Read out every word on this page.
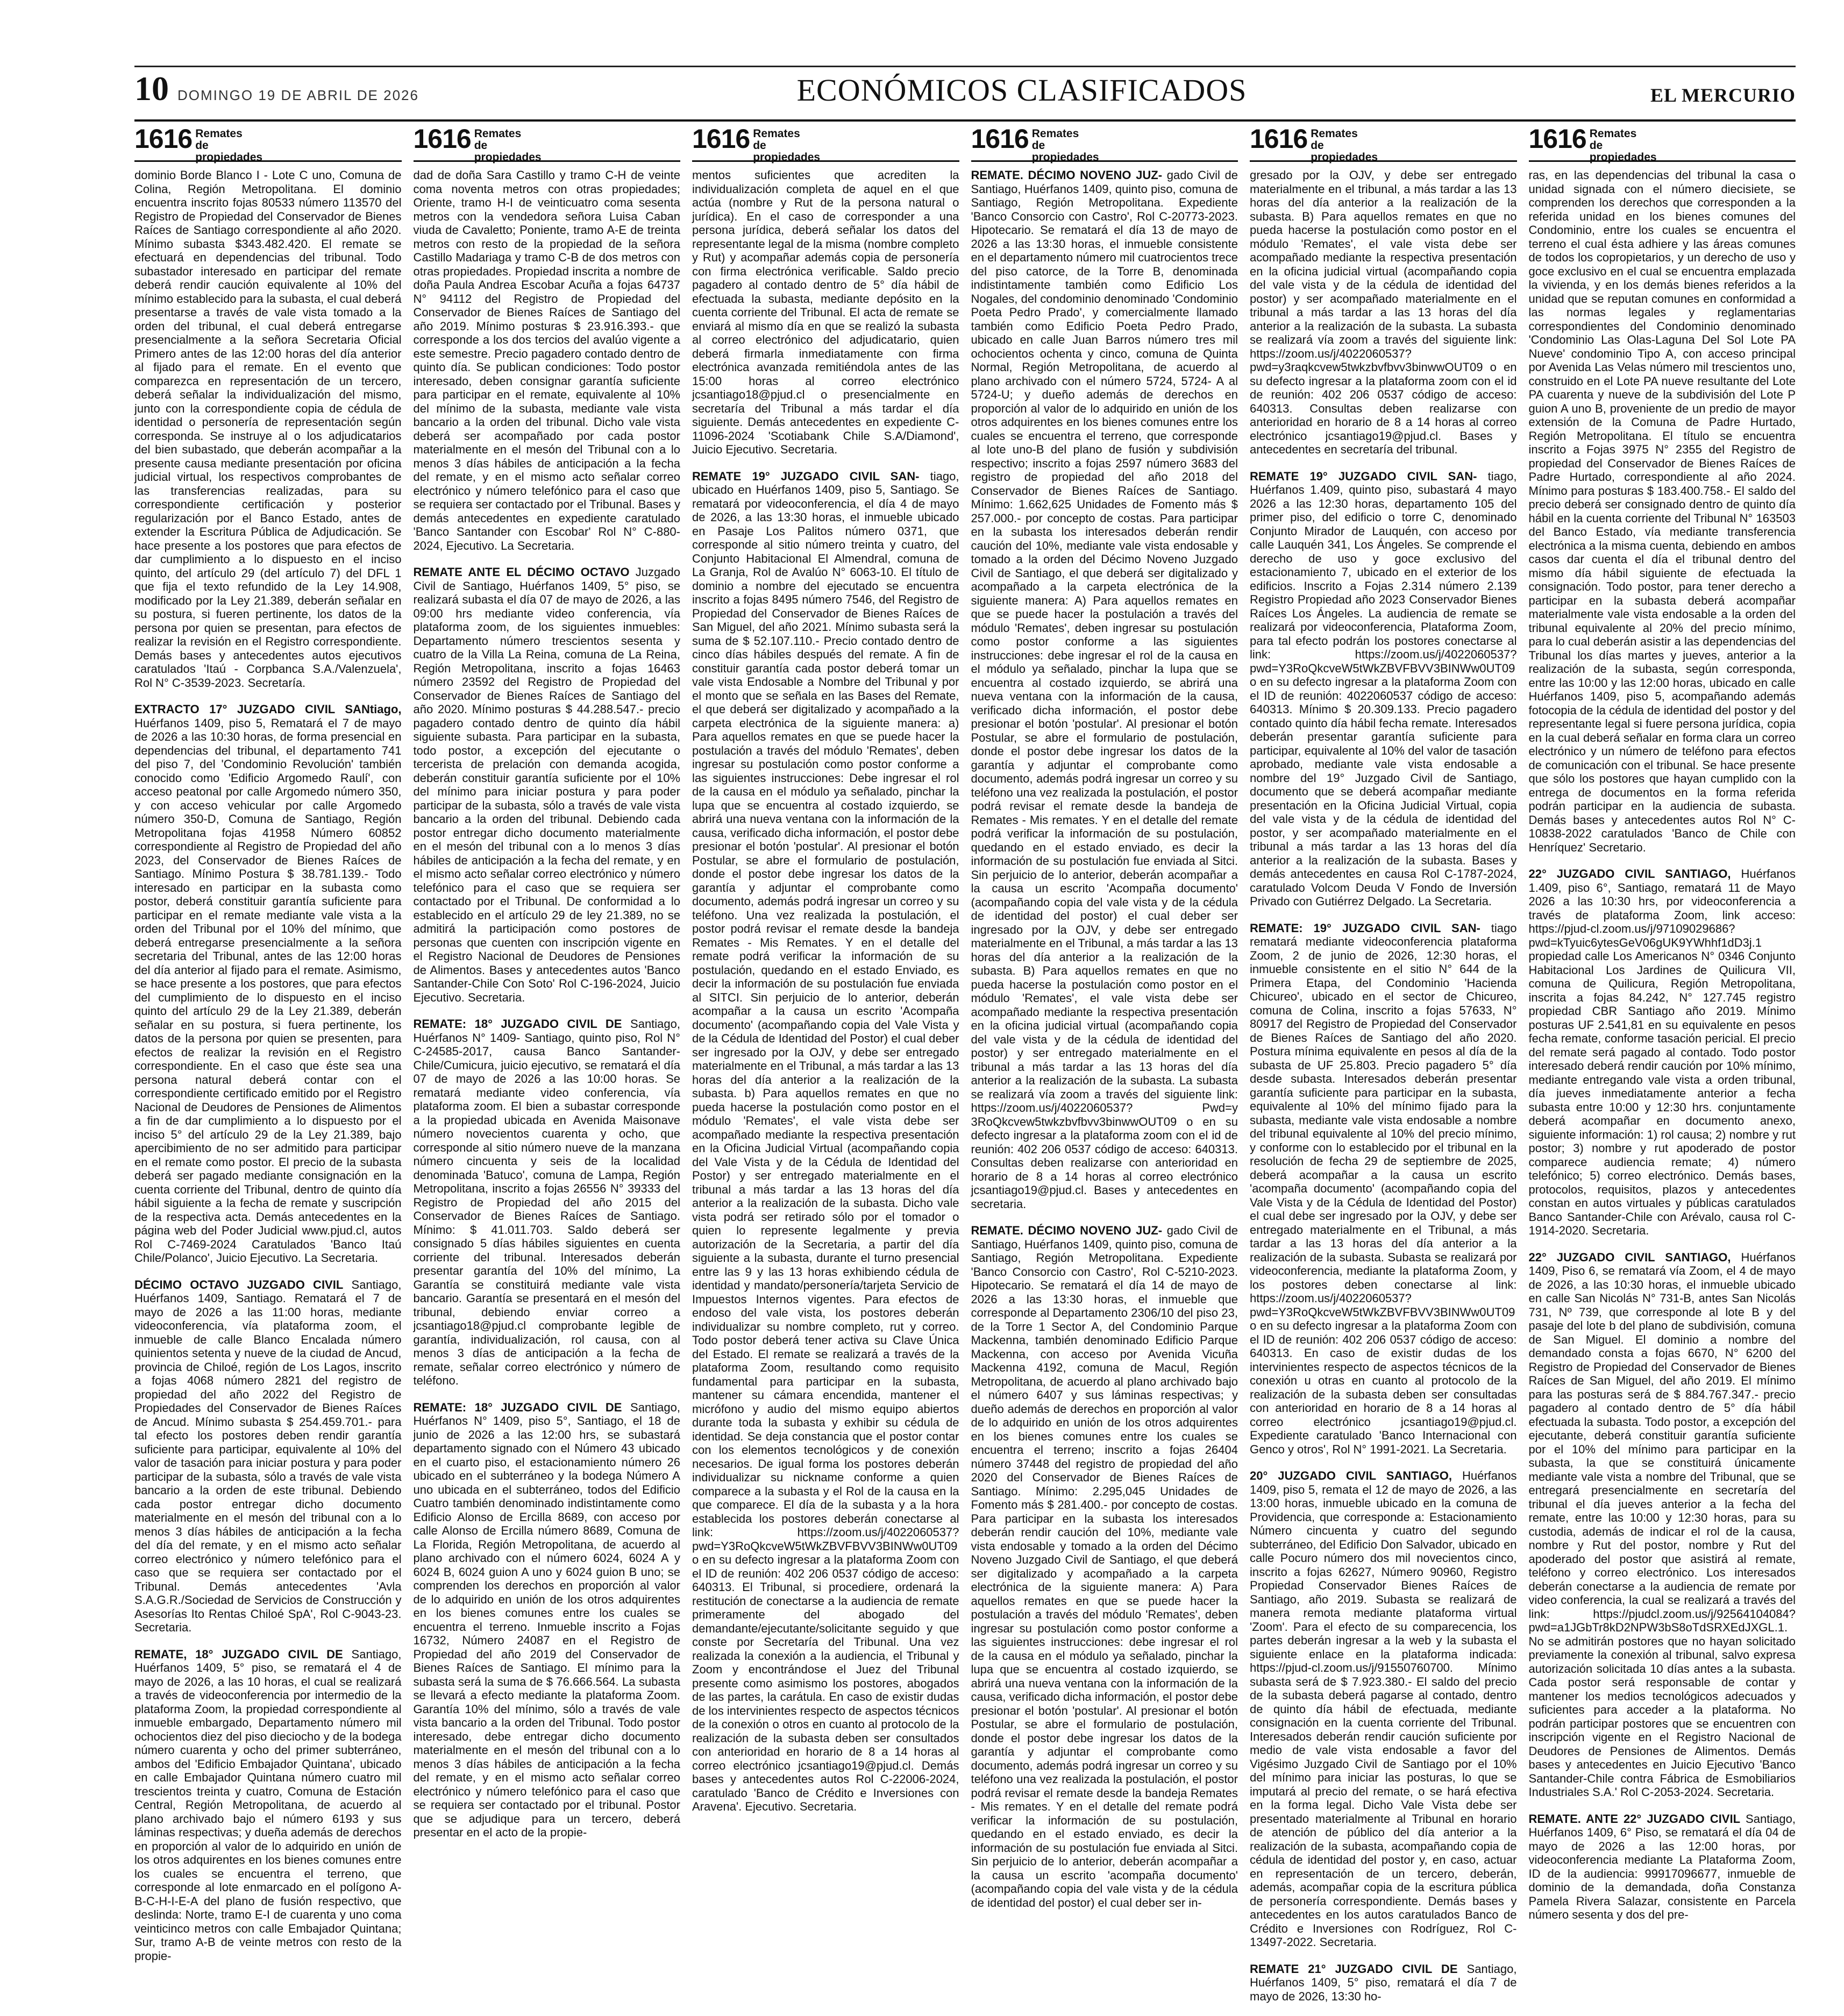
10 DOMINGO 19 DE ABRIL DE 2026	ECONÓMICOS CLASIFICADOS	EL MERCURIO
1616 Remates de propiedades

dominio Borde Blanco I - Lote C uno, Comuna de Colina, Región Metropolitana. El dominio encuentra inscrito fojas 80533 número 113570 del Registro de Propiedad del Conservador de Bienes Raíces de Santiago correspondiente al año 2020. Mínimo subasta $343.482.420. El remate se efectuará en dependencias del tribunal. Todo subastador interesado en participar del remate deberá rendir caución equivalente al 10% del mínimo establecido para la subasta, el cual deberá presentarse a través de vale vista tomado a la orden del tribunal, el cual deberá entregarse presencialmente a la señora Secretaria Oficial Primero antes de las 12:00 horas del día anterior al fijado para el remate. En el evento que comparezca en representación de un tercero, deberá señalar la individualización del mismo, junto con la correspondiente copia de cédula de identidad o personería de representación según corresponda. Se instruye al o los adjudicatarios del bien subastado, que deberán acompañar a la presente causa mediante presentación por oficina judicial virtual, los respectivos comprobantes de las transferencias realizadas, para su correspondiente certificación y posterior regularización por el Banco Estado, antes de extender la Escritura Pública de Adjudicación. Se hace presente a los postores que para efectos de dar cumplimiento a lo dispuesto en el inciso quinto, del artículo 29 (del artículo 7) del DFL 1 que fija el texto refundido de la Ley 14.908, modificado por la Ley 21.389, deberán señalar en su postura, si fueren pertinente, los datos de la persona por quien se presentan, para efectos de realizar la revisión en el Registro correspondiente. Demás bases y antecedentes autos ejecutivos caratulados 'Itaú - Corpbanca S.A./Valenzuela', Rol N° C-3539-2023. Secretaría.

EXTRACTO 17° JUZGADO CIVIL SANtiago, Huérfanos 1409, piso 5, Rematará el 7 de mayo de 2026 a las 10:30 horas, de forma presencial en dependencias del tribunal, el departamento 741 del piso 7, del 'Condominio Revolución' también conocido como 'Edificio Argomedo Raulí', con acceso peatonal por calle Argomedo número 350, y con acceso vehicular por calle Argomedo número 350-D, Comuna de Santiago, Región Metropolitana fojas 41958 Número 60852 correspondiente al Registro de Propiedad del año 2023, del Conservador de Bienes Raíces de Santiago. Mínimo Postura $ 38.781.139.- Todo interesado en participar en la subasta como postor, deberá constituir garantía suficiente para participar en el remate mediante vale vista a la orden del Tribunal por el 10% del mínimo, que deberá entregarse presencialmente a la señora secretaria del Tribunal, antes de las 12:00 horas del día anterior al fijado para el remate. Asimismo, se hace presente a los postores, que para efectos del cumplimiento de lo dispuesto en el inciso quinto del artículo 29 de la Ley 21.389, deberán señalar en su postura, si fuera pertinente, los datos de la persona por quien se presenten, para efectos de realizar la revisión en el Registro correspondiente. En el caso que éste sea una persona natural deberá contar con el correspondiente certificado emitido por el Registro Nacional de Deudores de Pensiones de Alimentos a fin de dar cumplimiento a lo dispuesto por el inciso 5° del artículo 29 de la Ley 21.389, bajo apercibimiento de no ser admitido para participar en el remate como postor. El precio de la subasta deberá ser pagado mediante consignación en la cuenta corriente del Tribunal, dentro de quinto día hábil siguiente a la fecha de remate y suscripción de la respectiva acta. Demás antecedentes en la página web del Poder Judicial www.pjud.cl, autos Rol C-7469-2024 Caratulados 'Banco Itaú Chile/Polanco', Juicio Ejecutivo. La Secretaria.

DÉCIMO OCTAVO JUZGADO CIVIL Santiago, Huérfanos 1409, Santiago. Rematará el 7 de mayo de 2026 a las 11:00 horas, mediante videoconferencia, vía plataforma zoom, el inmueble de calle Blanco Encalada número quinientos setenta y nueve de la ciudad de Ancud, provincia de Chiloé, región de Los Lagos, inscrito a fojas 4068 número 2821 del registro de propiedad del año 2022 del Registro de Propiedades del Conservador de Bienes Raíces de Ancud. Mínimo subasta $ 254.459.701.- para tal efecto los postores deben rendir garantía suficiente para participar, equivalente al 10% del valor de tasación para iniciar postura y para poder participar de la subasta, sólo a través de vale vista bancario a la orden de este tribunal. Debiendo cada postor entregar dicho documento materialmente en el mesón del tribunal con a lo menos 3 días hábiles de anticipación a la fecha del día del remate, y en el mismo acto señalar correo electrónico y número telefónico para el caso que se requiera ser contactado por el Tribunal. Demás antecedentes 'Avla S.A.G.R./Sociedad de Servicios de Construcción y Asesorías Ito Rentas Chiloé SpA', Rol C-9043-23. Secretaria.

REMATE, 18° JUZGADO CIVIL DE Santiago, Huérfanos 1409, 5° piso, se rematará el 4 de mayo de 2026, a las 10 horas, el cual se realizará a través de videoconferencia por intermedio de la plataforma Zoom, la propiedad correspondiente al inmueble embargado, Departamento número mil ochocientos diez del piso dieciocho y de la bodega número cuarenta y ocho del primer subterráneo, ambos del 'Edificio Embajador Quintana', ubicado en calle Embajador Quintana número cuatro mil trescientos treinta y cuatro, Comuna de Estación Central, Región Metropolitana, de acuerdo al plano archivado bajo el número 6193 y sus láminas respectivas; y dueña además de derechos en proporción al valor de lo adquirido en unión de los otros adquirentes en los bienes comunes entre los cuales se encuentra el terreno, que corresponde al lote enmarcado en el polígono A-B-C-H-I-E-A del plano de fusión respectivo, que deslinda: Norte, tramo E-I de cuarenta y uno coma veinticinco metros con calle Embajador Quintana; Sur, tramo A-B de veinte metros con resto de la propie-

1616 Remates de propiedades

dad de doña Sara Castillo y tramo C-H de veinte coma noventa metros con otras propiedades; Oriente, tramo H-I de veinticuatro coma sesenta metros con la vendedora señora Luisa Caban viuda de Cavaletto; Poniente, tramo A-E de treinta metros con resto de la propiedad de la señora Castillo Madariaga y tramo C-B de dos metros con otras propiedades. Propiedad inscrita a nombre de doña Paula Andrea Escobar Acuña a fojas 64737 N° 94112 del Registro de Propiedad del Conservador de Bienes Raíces de Santiago del año 2019. Mínimo posturas $ 23.916.393.- que corresponde a los dos tercios del avalúo vigente a este semestre. Precio pagadero contado dentro de quinto día. Se publican condiciones: Todo postor interesado, deben consignar garantía suficiente para participar en el remate, equivalente al 10% del mínimo de la subasta, mediante vale vista bancario a la orden del tribunal. Dicho vale vista deberá ser acompañado por cada postor materialmente en el mesón del Tribunal con a lo menos 3 días hábiles de anticipación a la fecha del remate, y en el mismo acto señalar correo electrónico y número telefónico para el caso que se requiera ser contactado por el Tribunal. Bases y demás antecedentes en expediente caratulado 'Banco Santander con Escobar' Rol N° C-880-2024, Ejecutivo. La Secretaria.

REMATE ANTE EL DÉCIMO OCTAVO Juzgado Civil de Santiago, Huérfanos 1409, 5° piso, se realizará subasta el día 07 de mayo de 2026, a las 09:00 hrs mediante video conferencia, vía plataforma zoom, de los siguientes inmuebles: Departamento número trescientos sesenta y cuatro de la Villa La Reina, comuna de La Reina, Región Metropolitana, inscrito a fojas 16463 número 23592 del Registro de Propiedad del Conservador de Bienes Raíces de Santiago del año 2020. Mínimo posturas $ 44.288.547.- precio pagadero contado dentro de quinto día hábil siguiente subasta. Para participar en la subasta, todo postor, a excepción del ejecutante o tercerista de prelación con demanda acogida, deberán constituir garantía suficiente por el 10% del mínimo para iniciar postura y para poder participar de la subasta, sólo a través de vale vista bancario a la orden del tribunal. Debiendo cada postor entregar dicho documento materialmente en el mesón del tribunal con a lo menos 3 días hábiles de anticipación a la fecha del remate, y en el mismo acto señalar correo electrónico y número telefónico para el caso que se requiera ser contactado por el Tribunal. De conformidad a lo establecido en el artículo 29 de ley 21.389, no se admitirá la participación como postores de personas que cuenten con inscripción vigente en el Registro Nacional de Deudores de Pensiones de Alimentos. Bases y antecedentes autos 'Banco Santander-Chile Con Soto' Rol C-196-2024, Juicio Ejecutivo. Secretaria.

REMATE: 18° JUZGADO CIVIL DE Santiago, Huérfanos N° 1409- Santiago, quinto piso, Rol N° C-24585-2017, causa Banco Santander-Chile/Cumicura, juicio ejecutivo, se rematará el día 07 de mayo de 2026 a las 10:00 horas. Se rematará mediante video conferencia, vía plataforma zoom. El bien a subastar corresponde a la propiedad ubicada en Avenida Maisonave número novecientos cuarenta y ocho, que corresponde al sitio número nueve de la manzana número cincuenta y seis de la localidad denominada 'Batuco', comuna de Lampa, Región Metropolitana, inscrito a fojas 26556 N° 39333 del Registro de Propiedad del año 2015 del Conservador de Bienes Raíces de Santiago. Mínimo: $ 41.011.703. Saldo deberá ser consignado 5 días hábiles siguientes en cuenta corriente del tribunal. Interesados deberán presentar garantía del 10% del mínimo, La Garantía se constituirá mediante vale vista bancario. Garantía se presentará en el mesón del tribunal, debiendo enviar correo a jcsantiago18@pjud.cl comprobante legible de garantía, individualización, rol causa, con al menos 3 días de anticipación a la fecha de remate, señalar correo electrónico y número de teléfono.

REMATE: 18° JUZGADO CIVIL DE Santiago, Huérfanos N° 1409, piso 5°, Santiago, el 18 de junio de 2026 a las 12:00 hrs, se subastará departamento signado con el Número 43 ubicado en el cuarto piso, el estacionamiento número 26 ubicado en el subterráneo y la bodega Número A uno ubicada en el subterráneo, todos del Edificio Cuatro también denominado indistintamente como Edificio Alonso de Ercilla 8689, con acceso por calle Alonso de Ercilla número 8689, Comuna de La Florida, Región Metropolitana, de acuerdo al plano archivado con el número 6024, 6024 A y 6024 B, 6024 guion A uno y 6024 guion B uno; se comprenden los derechos en proporción al valor de lo adquirido en unión de los otros adquirentes en los bienes comunes entre los cuales se encuentra el terreno. Inmueble inscrito a Fojas 16732, Número 24087 en el Registro de Propiedad del año 2019 del Conservador de Bienes Raíces de Santiago. El mínimo para la subasta será la suma de $ 76.666.564. La subasta se llevará a efecto mediante la plataforma Zoom. Garantía 10% del mínimo, sólo a través de vale vista bancario a la orden del Tribunal. Todo postor interesado, debe entregar dicho documento materialmente en el mesón del tribunal con a lo menos 3 días hábiles de anticipación a la fecha del remate, y en el mismo acto señalar correo electrónico y número telefónico para el caso que se requiera ser contactado por el tribunal. Postor que se adjudique para un tercero, deberá presentar en el acto de la propie-

1616 Remates de propiedades

mentos suficientes que acrediten la individualización completa de aquel en el que actúa (nombre y Rut de la persona natural o jurídica). En el caso de corresponder a una persona jurídica, deberá señalar los datos del representante legal de la misma (nombre completo y Rut) y acompañar además copia de personería con firma electrónica verificable. Saldo precio pagadero al contado dentro de 5° día hábil de efectuada la subasta, mediante depósito en la cuenta corriente del Tribunal. El acta de remate se enviará al mismo día en que se realizó la subasta al correo electrónico del adjudicatario, quien deberá firmarla inmediatamente con firma electrónica avanzada remitiéndola antes de las 15:00 horas al correo electrónico jcsantiago18@pjud.cl o presencialmente en secretaría del Tribunal a más tardar el día siguiente. Demás antecedentes en expediente C-11096-2024 'Scotiabank Chile S.A/Diamond', Juicio Ejecutivo. Secretaria.

REMATE 19° JUZGADO CIVIL SAN- tiago, ubicado en Huérfanos 1409, piso 5, Santiago. Se rematará por videoconferencia, el día 4 de mayo de 2026, a las 13:30 horas, el inmueble ubicado en Pasaje Los Palitos número 0371, que corresponde al sitio número treinta y cuatro, del Conjunto Habitacional El Almendral, comuna de La Granja, Rol de Avalúo N° 6063-10. El título de dominio a nombre del ejecutado se encuentra inscrito a fojas 8495 número 7546, del Registro de Propiedad del Conservador de Bienes Raíces de San Miguel, del año 2021. Mínimo subasta será la suma de $ 52.107.110.- Precio contado dentro de cinco días hábiles después del remate. A fin de constituir garantía cada postor deberá tomar un vale vista Endosable a Nombre del Tribunal y por el monto que se señala en las Bases del Remate, el que deberá ser digitalizado y acompañado a la carpeta electrónica de la siguiente manera: a) Para aquellos remates en que se puede hacer la postulación a través del módulo 'Remates', deben ingresar su postulación como postor conforme a las siguientes instrucciones: Debe ingresar el rol de la causa en el módulo ya señalado, pinchar la lupa que se encuentra al costado izquierdo, se abrirá una nueva ventana con la información de la causa, verificado dicha información, el postor debe presionar el botón 'postular'. Al presionar el botón Postular, se abre el formulario de postulación, donde el postor debe ingresar los datos de la garantía y adjuntar el comprobante como documento, además podrá ingresar un correo y su teléfono. Una vez realizada la postulación, el postor podrá revisar el remate desde la bandeja Remates - Mis Remates. Y en el detalle del remate podrá verificar la información de su postulación, quedando en el estado Enviado, es decir la información de su postulación fue enviada al SITCI. Sin perjuicio de lo anterior, deberán acompañar a la causa un escrito 'Acompaña documento' (acompañando copia del Vale Vista y de la Cédula de Identidad del Postor) el cual deber ser ingresado por la OJV, y debe ser entregado materialmente en el Tribunal, a más tardar a las 13 horas del día anterior a la realización de la subasta. b) Para aquellos remates en que no pueda hacerse la postulación como postor en el módulo 'Remates', el vale vista debe ser acompañado mediante la respectiva presentación en la Oficina Judicial Virtual (acompañando copia del Vale Vista y de la Cédula de Identidad del Postor) y ser entregado materialmente en el tribunal a más tardar a las 13 horas del día anterior a la realización de la subasta. Dicho vale vista podrá ser retirado sólo por el tomador o quien lo represente legalmente y previa autorización de la Secretaria, a partir del día siguiente a la subasta, durante el turno presencial entre las 9 y las 13 horas exhibiendo cédula de identidad y mandato/personería/tarjeta Servicio de Impuestos Internos vigentes. Para efectos de endoso del vale vista, los postores deberán individualizar su nombre completo, rut y correo. Todo postor deberá tener activa su Clave Única del Estado. El remate se realizará a través de la plataforma Zoom, resultando como requisito fundamental para participar en la subasta, mantener su cámara encendida, mantener el micrófono y audio del mismo equipo abiertos durante toda la subasta y exhibir su cédula de identidad. Se deja constancia que el postor contar con los elementos tecnológicos y de conexión necesarios. De igual forma los postores deberán individualizar su nickname conforme a quien comparece a la subasta y el Rol de la causa en la que comparece. El día de la subasta y a la hora establecida los postores deberán conectarse al link: https://zoom.us/j/4022060537?pwd=Y3RoQkcveW5tWkZBVFBVV3BINWw0UT09 o en su defecto ingresar a la plataforma Zoom con el ID de reunión: 402 206 0537 código de acceso: 640313. El Tribunal, si procediere, ordenará la restitución de conectarse a la audiencia de remate primeramente del abogado del demandante/ejecutante/solicitante seguido y que conste por Secretaría del Tribunal. Una vez realizada la conexión a la audiencia, el Tribunal y Zoom y encontrándose el Juez del Tribunal presente como asimismo los postores, abogados de las partes, la carátula. En caso de existir dudas de los intervinientes respecto de aspectos técnicos de la conexión o otros en cuanto al protocolo de la realización de la subasta deben ser consultados con anterioridad en horario de 8 a 14 horas al correo electrónico jcsantiago19@pjud.cl. Demás bases y antecedentes autos Rol C-22006-2024, caratulado 'Banco de Crédito e Inversiones con Aravena'. Ejecutivo. Secretaria.

1616 Remates de propiedades

REMATE. DÉCIMO NOVENO JUZ- gado Civil de Santiago, Huérfanos 1409, quinto piso, comuna de Santiago, Región Metropolitana. Expediente 'Banco Consorcio con Castro', Rol C-20773-2023. Hipotecario. Se rematará el día 13 de mayo de 2026 a las 13:30 horas, el inmueble consistente en el departamento número mil cuatrocientos trece del piso catorce, de la Torre B, denominada indistintamente también como Edificio Los Nogales, del condominio denominado 'Condominio Poeta Pedro Prado', y comercialmente llamado también como Edificio Poeta Pedro Prado, ubicado en calle Juan Barros número tres mil ochocientos ochenta y cinco, comuna de Quinta Normal, Región Metropolitana, de acuerdo al plano archivado con el número 5724, 5724- A al 5724-U; y dueño además de derechos en proporción al valor de lo adquirido en unión de los otros adquirentes en los bienes comunes entre los cuales se encuentra el terreno, que corresponde al lote uno-B del plano de fusión y subdivisión respectivo; inscrito a fojas 2597 número 3683 del registro de propiedad del año 2018 del Conservador de Bienes Raíces de Santiago. Mínimo: 1.662,625 Unidades de Fomento más $ 257.000.- por concepto de costas. Para participar en la subasta los interesados deberán rendir caución del 10%, mediante vale vista endosable y tomado a la orden del Décimo Noveno Juzgado Civil de Santiago, el que deberá ser digitalizado y acompañado a la carpeta electrónica de la siguiente manera: A) Para aquellos remates en que se puede hacer la postulación a través del módulo 'Remates', deben ingresar su postulación como postor conforme a las siguientes instrucciones: debe ingresar el rol de la causa en el módulo ya señalado, pinchar la lupa que se encuentra al costado izquierdo, se abrirá una nueva ventana con la información de la causa, verificado dicha información, el postor debe presionar el botón 'postular'. Al presionar el botón Postular, se abre el formulario de postulación, donde el postor debe ingresar los datos de la garantía y adjuntar el comprobante como documento, además podrá ingresar un correo y su teléfono una vez realizada la postulación, el postor podrá revisar el remate desde la bandeja de Remates - Mis remates. Y en el detalle del remate podrá verificar la información de su postulación, quedando en el estado enviado, es decir la información de su postulación fue enviada al Sitci. Sin perjuicio de lo anterior, deberán acompañar a la causa un escrito 'Acompaña documento' (acompañando copia del vale vista y de la cédula de identidad del postor) el cual deber ser ingresado por la OJV, y debe ser entregado materialmente en el Tribunal, a más tardar a las 13 horas del día anterior a la realización de la subasta. B) Para aquellos remates en que no pueda hacerse la postulación como postor en el módulo 'Remates', el vale vista debe ser acompañado mediante la respectiva presentación en la oficina judicial virtual (acompañando copia del vale vista y de la cédula de identidad del postor) y ser entregado materialmente en el tribunal a más tardar a las 13 horas del día anterior a la realización de la subasta. La subasta se realizará vía zoom a través del siguiente link: https://zoom.us/j/4022060537? Pwd=y 3RoQkcvew5twkzbvfbvv3binwwOUT09 o en su defecto ingresar a la plataforma zoom con el id de reunión: 402 206 0537 código de acceso: 640313. Consultas deben realizarse con anterioridad en horario de 8 a 14 horas al correo electrónico jcsantiago19@pjud.cl. Bases y antecedentes en secretaria.

REMATE. DÉCIMO NOVENO JUZ- gado Civil de Santiago, Huérfanos 1409, quinto piso, comuna de Santiago, Región Metropolitana. Expediente 'Banco Consorcio con Castro', Rol C-5210-2023. Hipotecario. Se rematará el día 14 de mayo de 2026 a las 13:30 horas, el inmueble que corresponde al Departamento 2306/10 del piso 23, de la Torre 1 Sector A, del Condominio Parque Mackenna, también denominado Edificio Parque Mackenna, con acceso por Avenida Vicuña Mackenna 4192, comuna de Macul, Región Metropolitana, de acuerdo al plano archivado bajo el número 6407 y sus láminas respectivas; y dueño además de derechos en proporción al valor de lo adquirido en unión de los otros adquirentes en los bienes comunes entre los cuales se encuentra el terreno; inscrito a fojas 26404 número 37448 del registro de propiedad del año 2020 del Conservador de Bienes Raíces de Santiago. Mínimo: 2.295,045 Unidades de Fomento más $ 281.400.- por concepto de costas. Para participar en la subasta los interesados deberán rendir caución del 10%, mediante vale vista endosable y tomado a la orden del Décimo Noveno Juzgado Civil de Santiago, el que deberá ser digitalizado y acompañado a la carpeta electrónica de la siguiente manera: A) Para aquellos remates en que se puede hacer la postulación a través del módulo 'Remates', deben ingresar su postulación como postor conforme a las siguientes instrucciones: debe ingresar el rol de la causa en el módulo ya señalado, pinchar la lupa que se encuentra al costado izquierdo, se abrirá una nueva ventana con la información de la causa, verificado dicha información, el postor debe presionar el botón 'postular'. Al presionar el botón Postular, se abre el formulario de postulación, donde el postor debe ingresar los datos de la garantía y adjuntar el comprobante como documento, además podrá ingresar un correo y su teléfono una vez realizada la postulación, el postor podrá revisar el remate desde la bandeja Remates - Mis remates. Y en el detalle del remate podrá verificar la información de su postulación, quedando en el estado enviado, es decir la información de su postulación fue enviada al Sitci. Sin perjuicio de lo anterior, deberán acompañar a la causa un escrito 'acompaña documento' (acompañando copia del vale vista y de la cédula de identidad del postor) el cual deber ser in-

1616 Remates de propiedades

gresado por la OJV, y debe ser entregado materialmente en el tribunal, a más tardar a las 13 horas del día anterior a la realización de la subasta. B) Para aquellos remates en que no pueda hacerse la postulación como postor en el módulo 'Remates', el vale vista debe ser acompañado mediante la respectiva presentación en la oficina judicial virtual (acompañando copia del vale vista y de la cédula de identidad del postor) y ser acompañado materialmente en el tribunal a más tardar a las 13 horas del día anterior a la realización de la subasta. La subasta se realizará vía zoom a través del siguiente link: https://zoom.us/j/4022060537? pwd=y3raqkcvew5twkzbvfbvv3binwwOUT09 o en su defecto ingresar a la plataforma zoom con el id de reunión: 402 206 0537 código de acceso: 640313. Consultas deben realizarse con anterioridad en horario de 8 a 14 horas al correo electrónico jcsantiago19@pjud.cl. Bases y antecedentes en secretaría del tribunal.

REMATE 19° JUZGADO CIVIL SAN- tiago, Huérfanos 1.409, quinto piso, subastará 4 mayo 2026 a las 12:30 horas, departamento 105 del primer piso, del edificio o torre C, denominado Conjunto Mirador de Lauquén, con acceso por calle Lauquén 341, Los Ángeles. Se comprende el derecho de uso y goce exclusivo del estacionamiento 7, ubicado en el exterior de los edificios. Inscrito a Fojas 2.314 número 2.139 Registro Propiedad año 2023 Conservador Bienes Raíces Los Ángeles. La audiencia de remate se realizará por videoconferencia, Plataforma Zoom, para tal efecto podrán los postores conectarse al link: https://zoom.us/j/4022060537?pwd=Y3RoQkcveW5tWkZBVFBVV3BINWw0UT09 o en su defecto ingresar a la plataforma Zoom con el ID de reunión: 4022060537 código de acceso: 640313. Mínimo $ 20.309.133. Precio pagadero contado quinto día hábil fecha remate. Interesados deberán presentar garantía suficiente para participar, equivalente al 10% del valor de tasación aprobado, mediante vale vista endosable a nombre del 19° Juzgado Civil de Santiago, documento que se deberá acompañar mediante presentación en la Oficina Judicial Virtual, copia del vale vista y de la cédula de identidad del postor, y ser acompañado materialmente en el tribunal a más tardar a las 13 horas del día anterior a la realización de la subasta. Bases y demás antecedentes en causa Rol C-1787-2024, caratulado Volcom Deuda V Fondo de Inversión Privado con Gutiérrez Delgado. La Secretaria.

REMATE: 19° JUZGADO CIVIL SAN- tiago rematará mediante videoconferencia plataforma Zoom, 2 de junio de 2026, 12:30 horas, el inmueble consistente en el sitio N° 644 de la Primera Etapa, del Condominio 'Hacienda Chicureo', ubicado en el sector de Chicureo, comuna de Colina, inscrito a fojas 57633, N° 80917 del Registro de Propiedad del Conservador de Bienes Raíces de Santiago del año 2020. Postura mínima equivalente en pesos al día de la subasta de UF 25.803. Precio pagadero 5° día desde subasta. Interesados deberán presentar garantía suficiente para participar en la subasta, equivalente al 10% del mínimo fijado para la subasta, mediante vale vista endosable a nombre del tribunal equivalente al 10% del precio mínimo, y conforme con lo establecido por el tribunal en la resolución de fecha 29 de septiembre de 2025, deberá acompañar a la causa un escrito 'acompaña documento' (acompañando copia del Vale Vista y de la Cédula de Identidad del Postor) el cual debe ser ingresado por la OJV, y debe ser entregado materialmente en el Tribunal, a más tardar a las 13 horas del día anterior a la realización de la subasta. Subasta se realizará por videoconferencia, mediante la plataforma Zoom, y los postores deben conectarse al link: https://zoom.us/j/4022060537?pwd=Y3RoQkcveW5tWkZBVFBVV3BINWw0UT09 o en su defecto ingresar a la plataforma Zoom con el ID de reunión: 402 206 0537 código de acceso: 640313. En caso de existir dudas de los intervinientes respecto de aspectos técnicos de la conexión u otras en cuanto al protocolo de la realización de la subasta deben ser consultadas con anterioridad en horario de 8 a 14 horas al correo electrónico jcsantiago19@pjud.cl. Expediente caratulado 'Banco Internacional con Genco y otros', Rol N° 1991-2021. La Secretaria.

20° JUZGADO CIVIL SANTIAGO, Huérfanos 1409, piso 5, remata el 12 de mayo de 2026, a las 13:00 horas, inmueble ubicado en la comuna de Providencia, que corresponde a: Estacionamiento Número cincuenta y cuatro del segundo subterráneo, del Edificio Don Salvador, ubicado en calle Pocuro número dos mil novecientos cinco, inscrito a fojas 62627, Número 90960, Registro Propiedad Conservador Bienes Raíces de Santiago, año 2019. Subasta se realizará de manera remota mediante plataforma virtual 'Zoom'. Para el efecto de su comparecencia, los partes deberán ingresar a la web y la subasta el siguiente enlace en la plataforma indicada: https://pjud-cl.zoom.us/j/91550760700. Mínimo subasta será de $ 7.923.380.- El saldo del precio de la subasta deberá pagarse al contado, dentro de quinto día hábil de efectuada, mediante consignación en la cuenta corriente del Tribunal. Interesados deberán rendir caución suficiente por medio de vale vista endosable a favor del Vigésimo Juzgado Civil de Santiago por el 10% del mínimo para iniciar las posturas, lo que se imputará al precio del remate, o se hará efectiva en la forma legal. Dicho Vale Vista debe ser presentado materialmente al Tribunal en horario de atención de público del día anterior a la realización de la subasta, acompañando copia de cédula de identidad del postor y, en caso, actuar en representación de un tercero, deberán, además, acompañar copia de la escritura pública de personería correspondiente. Demás bases y antecedentes en los autos caratulados Banco de Crédito e Inversiones con Rodríguez, Rol C-13497-2022. Secretaria.

REMATE 21° JUZGADO CIVIL DE Santiago, Huérfanos 1409, 5° piso, rematará el día 7 de mayo de 2026, 13:30 ho-

1616 Remates de propiedades

ras, en las dependencias del tribunal la casa o unidad signada con el número diecisiete, se comprenden los derechos que corresponden a la referida unidad en los bienes comunes del Condominio, entre los cuales se encuentra el terreno el cual ésta adhiere y las áreas comunes de todos los copropietarios, y un derecho de uso y goce exclusivo en el cual se encuentra emplazada la vivienda, y en los demás bienes referidos a la unidad que se reputan comunes en conformidad a las normas legales y reglamentarias correspondientes del Condominio denominado 'Condominio Las Olas-Laguna Del Sol Lote PA Nueve' condominio Tipo A, con acceso principal por Avenida Las Velas número mil trescientos uno, construido en el Lote PA nueve resultante del Lote PA cuarenta y nueve de la subdivisión del Lote P guion A uno B, proveniente de un predio de mayor extensión de la Comuna de Padre Hurtado, Región Metropolitana. El título se encuentra inscrito a Fojas 3975 N° 2355 del Registro de propiedad del Conservador de Bienes Raíces de Padre Hurtado, correspondiente al año 2024. Mínimo para posturas $ 183.400.758.- El saldo del precio deberá ser consignado dentro de quinto día hábil en la cuenta corriente del Tribunal N° 163503 del Banco Estado, vía mediante transferencia electrónica a la misma cuenta, debiendo en ambos casos dar cuenta el día el tribunal dentro del mismo día hábil siguiente de efectuada la consignación. Todo postor, para tener derecho a participar en la subasta deberá acompañar materialmente vale vista endosable a la orden del tribunal equivalente al 20% del precio mínimo, para lo cual deberán asistir a las dependencias del Tribunal los días martes y jueves, anterior a la realización de la subasta, según corresponda, entre las 10:00 y las 12:00 horas, ubicado en calle Huérfanos 1409, piso 5, acompañando además fotocopia de la cédula de identidad del postor y del representante legal si fuere persona jurídica, copia en la cual deberá señalar en forma clara un correo electrónico y un número de teléfono para efectos de comunicación con el tribunal. Se hace presente que sólo los postores que hayan cumplido con la entrega de documentos en la forma referida podrán participar en la audiencia de subasta. Demás bases y antecedentes autos Rol N° C-10838-2022 caratulados 'Banco de Chile con Henríquez' Secretario.

22° JUZGADO CIVIL SANTIAGO, Huérfanos 1.409, piso 6°, Santiago, rematará 11 de Mayo 2026 a las 10:30 hrs, por videoconferencia a través de plataforma Zoom, link acceso: https://pjud-cl.zoom.us/j/97109029686?pwd=kTyuic6ytesGeV06gUK9YWhhf1dD3j.1 propiedad calle Los Americanos N° 0346 Conjunto Habitacional Los Jardines de Quilicura VII, comuna de Quilicura, Región Metropolitana, inscrita a fojas 84.242, N° 127.745 registro propiedad CBR Santiago año 2019. Mínimo posturas UF 2.541,81 en su equivalente en pesos fecha remate, conforme tasación pericial. El precio del remate será pagado al contado. Todo postor interesado deberá rendir caución por 10% mínimo, mediante entregando vale vista a orden tribunal, día jueves inmediatamente anterior a fecha subasta entre 10:00 y 12:30 hrs. conjuntamente deberá acompañar en documento anexo, siguiente información: 1) rol causa; 2) nombre y rut postor; 3) nombre y rut apoderado de postor comparece audiencia remate; 4) número telefónico; 5) correo electrónico. Demás bases, protocolos, requisitos, plazos y antecedentes constan en autos virtuales y públicas caratulados Banco Santander-Chile con Arévalo, causa rol C-1914-2020. Secretaria.

22° JUZGADO CIVIL SANTIAGO, Huérfanos 1409, Piso 6, se rematará vía Zoom, el 4 de mayo de 2026, a las 10:30 horas, el inmueble ubicado en calle San Nicolás N° 731-B, antes San Nicolás 731, Nº 739, que corresponde al lote B y del pasaje del lote b del plano de subdivisión, comuna de San Miguel. El dominio a nombre del demandado consta a fojas 6670, N° 6200 del Registro de Propiedad del Conservador de Bienes Raíces de San Miguel, del año 2019. El mínimo para las posturas será de $ 884.767.347.- precio pagadero al contado dentro de 5° día hábil efectuada la subasta. Todo postor, a excepción del ejecutante, deberá constituir garantía suficiente por el 10% del mínimo para participar en la subasta, la que se constituirá únicamente mediante vale vista a nombre del Tribunal, que se entregará presencialmente en secretaría del tribunal el día jueves anterior a la fecha del remate, entre las 10:00 y 12:30 horas, para su custodia, además de indicar el rol de la causa, nombre y Rut del postor, nombre y Rut del apoderado del postor que asistirá al remate, teléfono y correo electrónico. Los interesados deberán conectarse a la audiencia de remate por video conferencia, la cual se realizará a través del link: https://pjudcl.zoom.us/j/92564104084?pwd=a1JGbTr8kD2NPW3bS8oTdSRXEdJXGL.1. No se admitirán postores que no hayan solicitado previamente la conexión al tribunal, salvo expresa autorización solicitada 10 días antes a la subasta. Cada postor será responsable de contar y mantener los medios tecnológicos adecuados y suficientes para acceder a la plataforma. No podrán participar postores que se encuentren con inscripción vigente en el Registro Nacional de Deudores de Pensiones de Alimentos. Demás bases y antecedentes en Juicio Ejecutivo 'Banco Santander-Chile contra Fábrica de Esmobiliarios Industriales S.A.' Rol C-2053-2024. Secretaria.

REMATE. ANTE 22° JUZGADO CIVIL Santiago, Huérfanos 1409, 6° Piso, se rematará el día 04 de mayo de 2026 a las 12:00 horas, por videoconferencia mediante La Plataforma Zoom, ID de la audiencia: 99917096677, inmueble de dominio de la demandada, doña Constanza Pamela Rivera Salazar, consistente en Parcela número sesenta y dos del pre-
